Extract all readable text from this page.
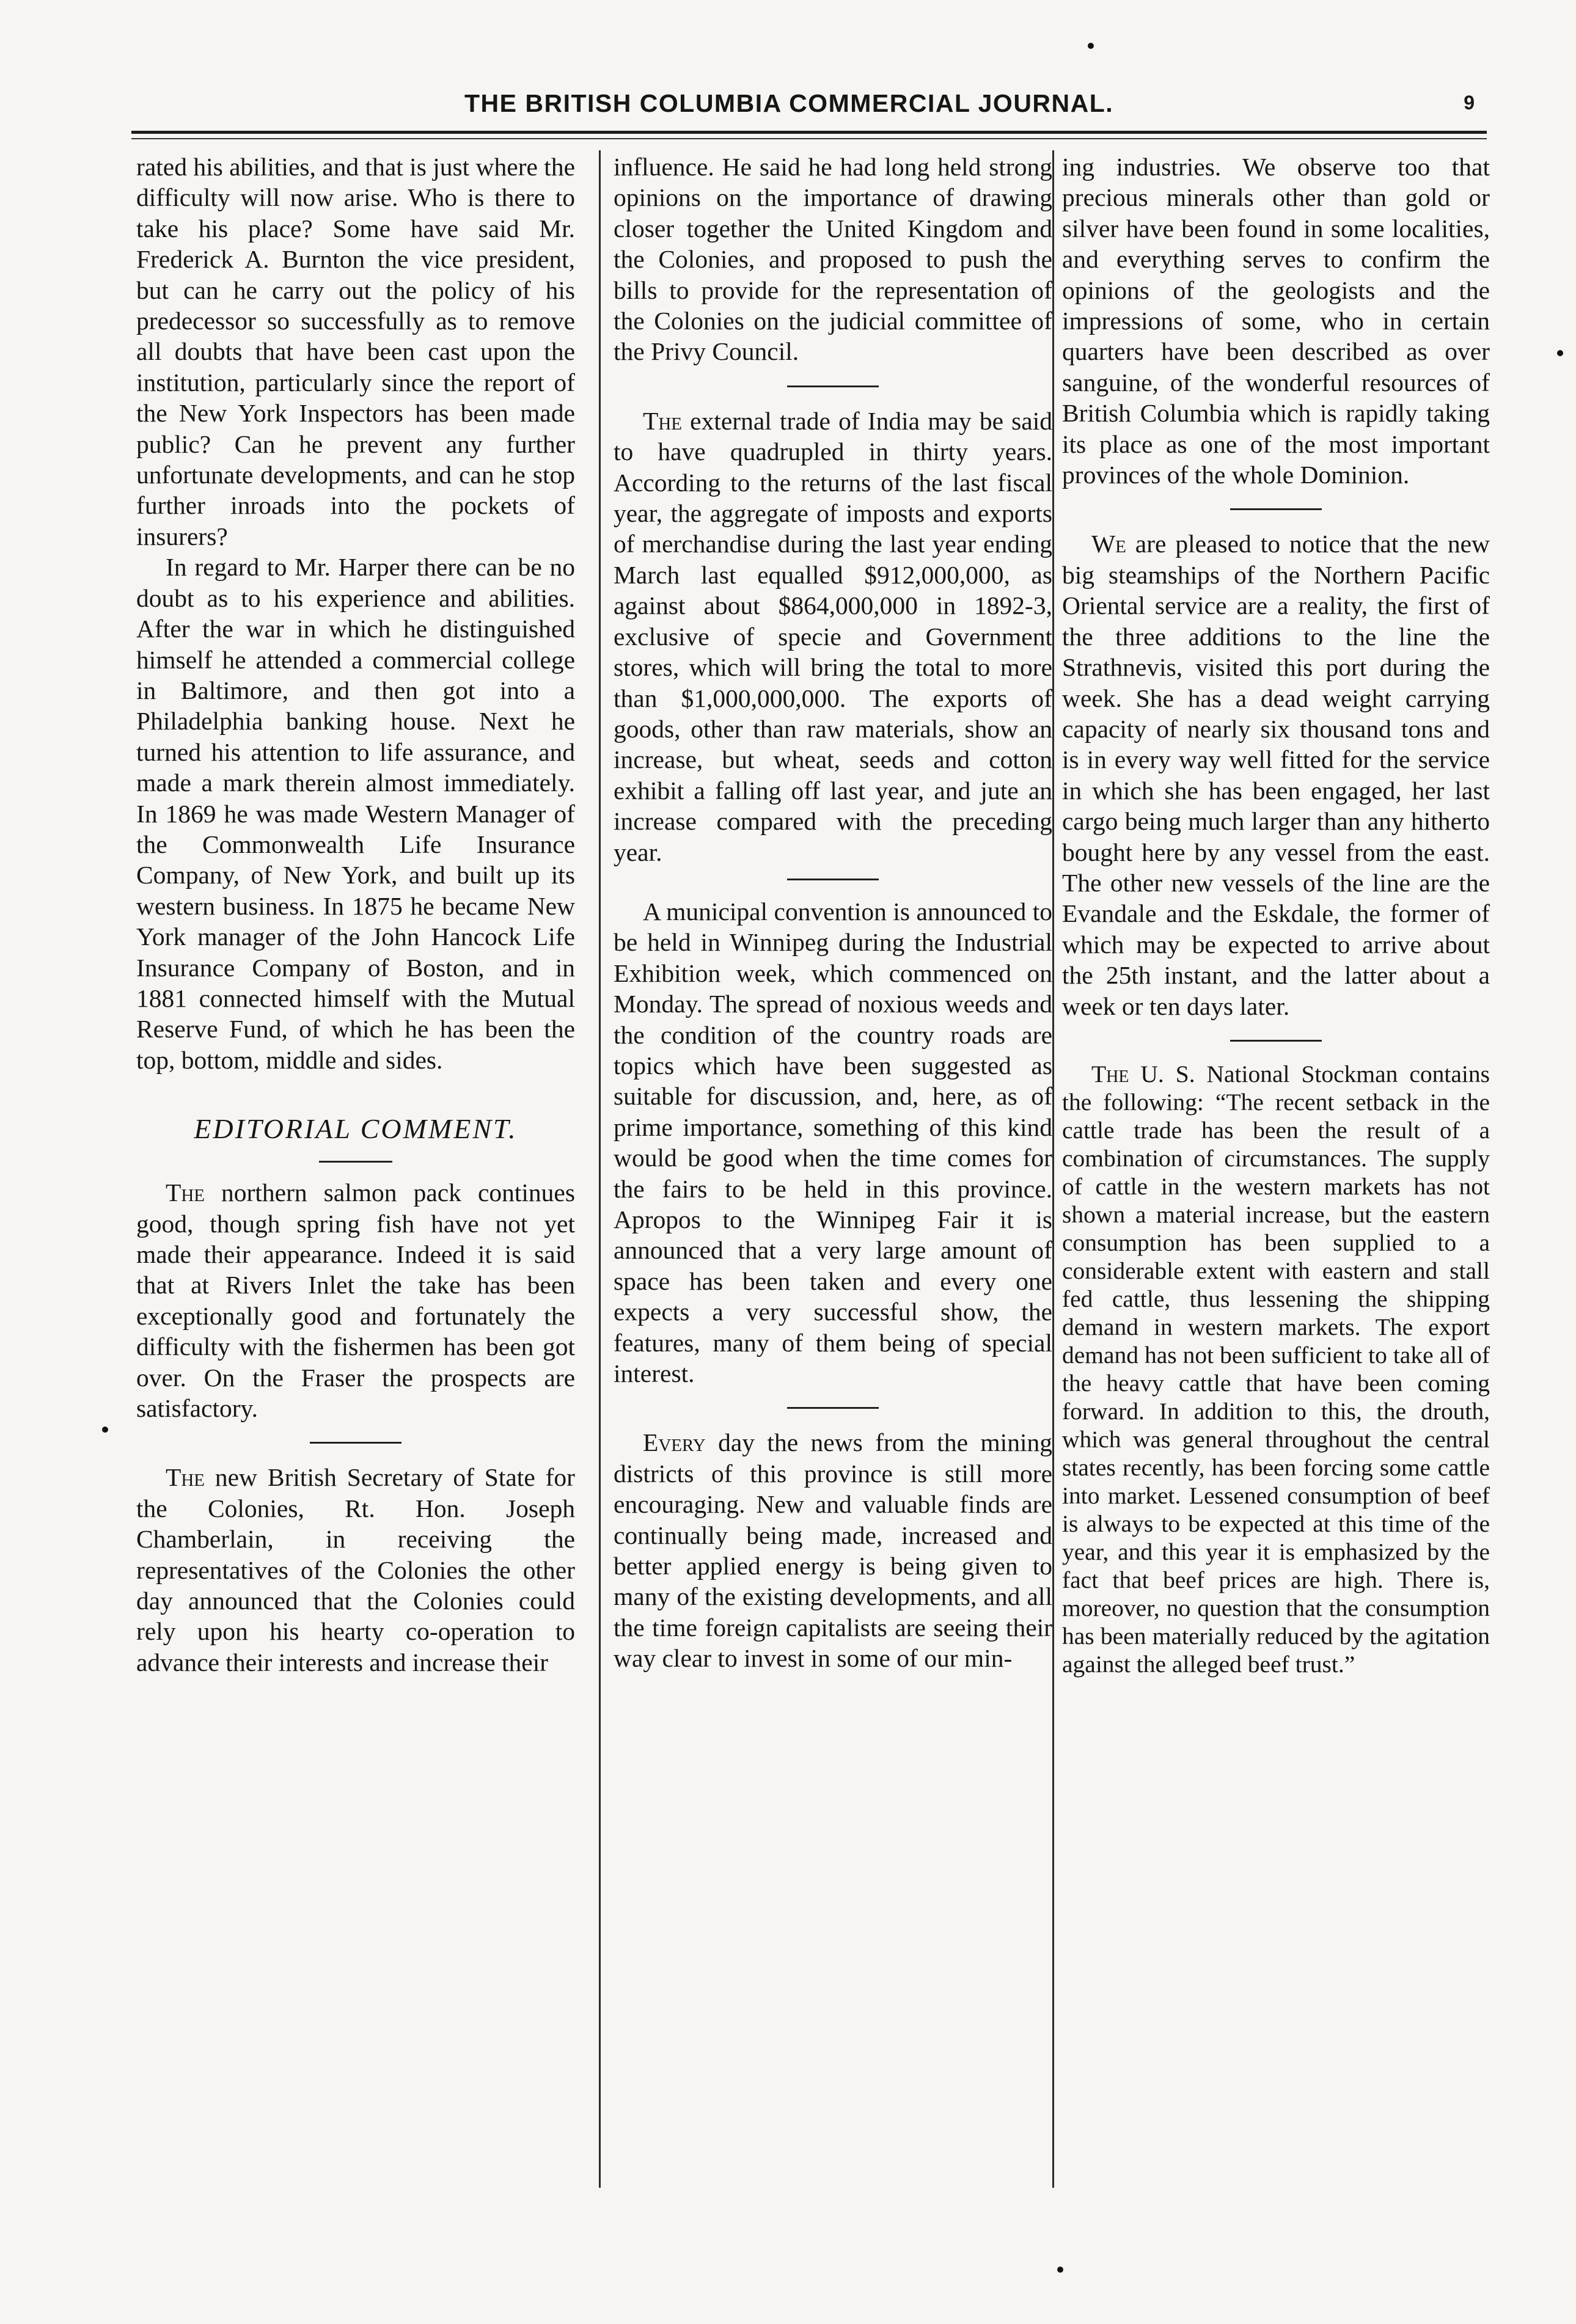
THE BRITISH COLUMBIA COMMERCIAL JOURNAL.	9

rated his abilities, and that is just where the difficulty will now arise. Who is there to take his place? Some have said Mr. Frederick A. Burnton the vice president, but can he carry out the policy of his predecessor so successfully as to remove all doubts that have been cast upon the institution, particularly since the report of the New York Inspectors has been made public? Can he prevent any further unfortunate developments, and can he stop further inroads into the pockets of insurers?

In regard to Mr. Harper there can be no doubt as to his experience and abilities. After the war in which he distinguished himself he attended a commercial college in Baltimore, and then got into a Philadelphia banking house. Next he turned his attention to life assurance, and made a mark therein almost immediately. In 1869 he was made Western Manager of the Commonwealth Life Insurance Company, of New York, and built up its western business. In 1875 he became New York manager of the John Hancock Life Insurance Company of Boston, and in 1881 connected himself with the Mutual Reserve Fund, of which he has been the top, bottom, middle and sides.

EDITORIAL COMMENT.

The northern salmon pack continues good, though spring fish have not yet made their appearance. Indeed it is said that at Rivers Inlet the take has been exceptionally good and fortunately the difficulty with the fishermen has been got over. On the Fraser the prospects are satisfactory.

The new British Secretary of State for the Colonies, Rt. Hon. Joseph Chamberlain, in receiving the representatives of the Colonies the other day announced that the Colonies could rely upon his hearty co-operation to advance their interests and increase their

influence. He said he had long held strong opinions on the importance of drawing closer together the United Kingdom and the Colonies, and proposed to push the bills to provide for the representation of the Colonies on the judicial committee of the Privy Council.

The external trade of India may be said to have quadrupled in thirty years. According to the returns of the last fiscal year, the aggregate of imposts and exports of merchandise during the last year ending March last equalled $912,000,000, as against about $864,000,000 in 1892-3, exclusive of specie and Government stores, which will bring the total to more than $1,000,000,000. The exports of goods, other than raw materials, show an increase, but wheat, seeds and cotton exhibit a falling off last year, and jute an increase compared with the preceding year.

A municipal convention is announced to be held in Winnipeg during the Industrial Exhibition week, which commenced on Monday. The spread of noxious weeds and the condition of the country roads are topics which have been suggested as suitable for discussion, and, here, as of prime importance, something of this kind would be good when the time comes for the fairs to be held in this province. Apropos to the Winnipeg Fair it is announced that a very large amount of space has been taken and every one expects a very successful show, the features, many of them being of special interest.

Every day the news from the mining districts of this province is still more encouraging. New and valuable finds are continually being made, increased and better applied energy is being given to many of the existing developments, and all the time foreign capitalists are seeing their way clear to invest in some of our min-

ing industries. We observe too that precious minerals other than gold or silver have been found in some localities, and everything serves to confirm the opinions of the geologists and the impressions of some, who in certain quarters have been described as over sanguine, of the wonderful resources of British Columbia which is rapidly taking its place as one of the most important provinces of the whole Dominion.

We are pleased to notice that the new big steamships of the Northern Pacific Oriental service are a reality, the first of the three additions to the line the Strathnevis, visited this port during the week. She has a dead weight carrying capacity of nearly six thousand tons and is in every way well fitted for the service in which she has been engaged, her last cargo being much larger than any hitherto bought here by any vessel from the east. The other new vessels of the line are the Evandale and the Eskdale, the former of which may be expected to arrive about the 25th instant, and the latter about a week or ten days later.

The U. S. National Stockman contains the following: “The recent setback in the cattle trade has been the result of a combination of circumstances. The supply of cattle in the western markets has not shown a material increase, but the eastern consumption has been supplied to a considerable extent with eastern and stall fed cattle, thus lessening the shipping demand in western markets. The export demand has not been sufficient to take all of the heavy cattle that have been coming forward. In addition to this, the drouth, which was general throughout the central states recently, has been forcing some cattle into market. Lessened consumption of beef is always to be expected at this time of the year, and this year it is emphasized by the fact that beef prices are high. There is, moreover, no question that the consumption has been materially reduced by the agitation against the alleged beef trust.”
